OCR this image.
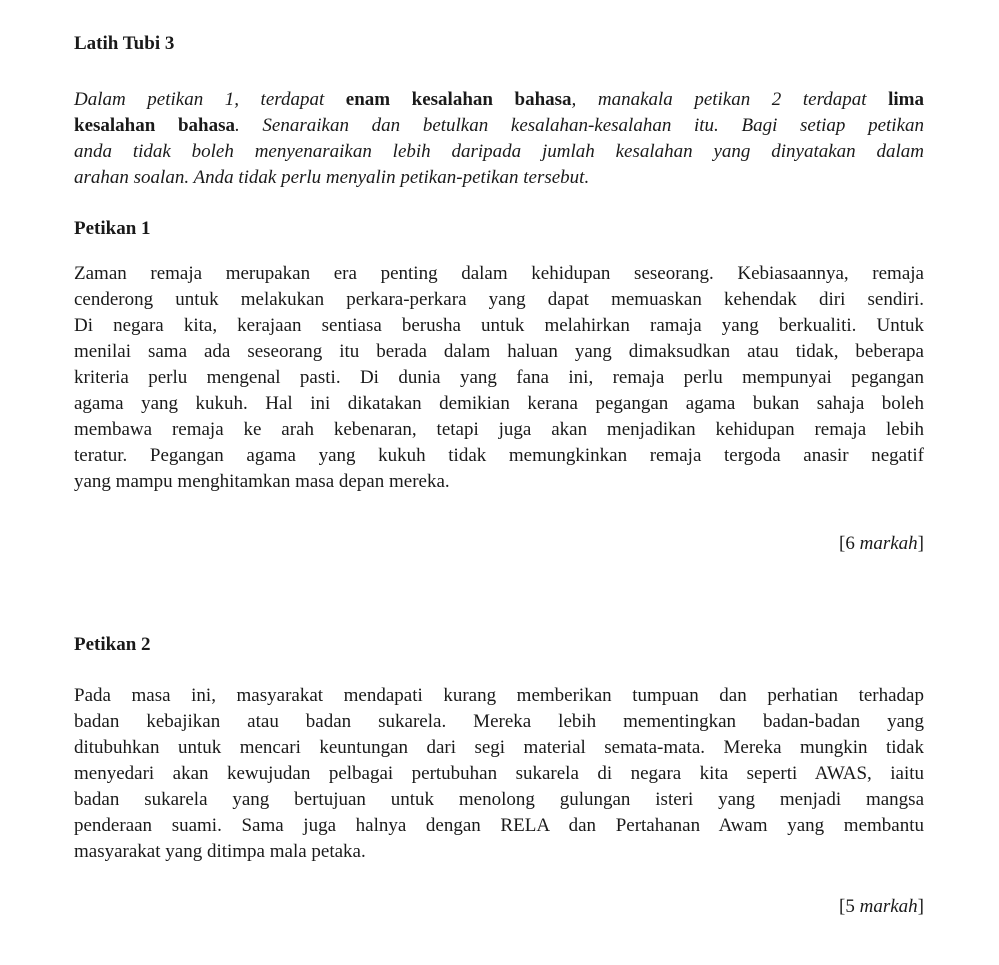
Latih Tubi 3
Dalam petikan 1, terdapat enam kesalahan bahasa, manakala petikan 2 terdapat lima
kesalahan bahasa. Senaraikan dan betulkan kesalahan-kesalahan itu. Bagi setiap petikan
anda tidak boleh menyenaraikan lebih daripada jumlah kesalahan yang dinyatakan dalam
arahan soalan. Anda tidak perlu menyalin petikan-petikan tersebut.
Petikan 1
Zaman remaja merupakan era penting dalam kehidupan seseorang. Kebiasaannya, remaja
cenderong untuk melakukan perkara-perkara yang dapat memuaskan kehendak diri sendiri.
Di negara kita, kerajaan sentiasa berusha untuk melahirkan ramaja yang berkualiti. Untuk
menilai sama ada seseorang itu berada dalam haluan yang dimaksudkan atau tidak, beberapa
kriteria perlu mengenal pasti. Di dunia yang fana ini, remaja perlu mempunyai pegangan
agama yang kukuh. Hal ini dikatakan demikian kerana pegangan agama bukan sahaja boleh
membawa remaja ke arah kebenaran, tetapi juga akan menjadikan kehidupan remaja lebih
teratur. Pegangan agama yang kukuh tidak memungkinkan remaja tergoda anasir negatif
yang mampu menghitamkan masa depan mereka.
[6 markah]
Petikan 2
Pada masa ini, masyarakat mendapati kurang memberikan tumpuan dan perhatian terhadap
badan kebajikan atau badan sukarela. Mereka lebih mementingkan badan-badan yang
ditubuhkan untuk mencari keuntungan dari segi material semata-mata. Mereka mungkin tidak
menyedari akan kewujudan pelbagai pertubuhan sukarela di negara kita seperti AWAS, iaitu
badan sukarela yang bertujuan untuk menolong gulungan isteri yang menjadi mangsa
penderaan suami. Sama juga halnya dengan RELA dan Pertahanan Awam yang membantu
masyarakat yang ditimpa mala petaka.
[5 markah]
